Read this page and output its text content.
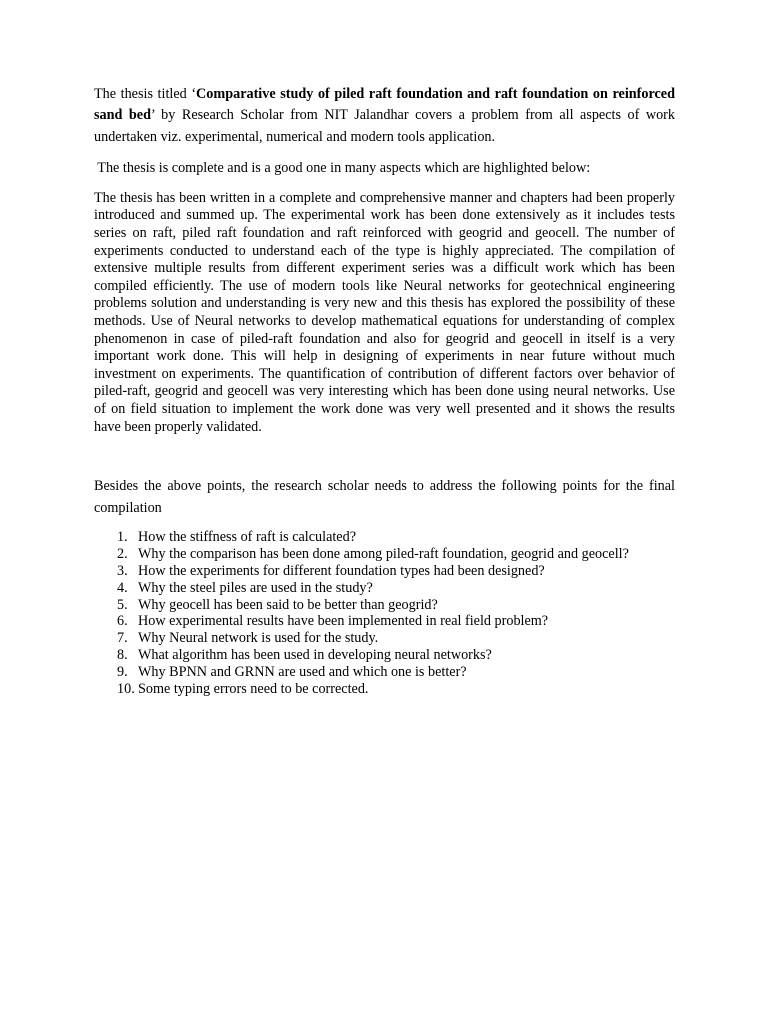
The thesis titled ‘Comparative study of piled raft foundation and raft foundation on reinforced sand bed’ by Research Scholar from NIT Jalandhar covers a problem from all aspects of work undertaken viz. experimental, numerical and modern tools application.

The thesis is complete and is a good one in many aspects which are highlighted below:

The thesis has been written in a complete and comprehensive manner and chapters had been properly introduced and summed up. The experimental work has been done extensively as it includes tests series on raft, piled raft foundation and raft reinforced with geogrid and geocell. The number of experiments conducted to understand each of the type is highly appreciated. The compilation of extensive multiple results from different experiment series was a difficult work which has been compiled efficiently. The use of modern tools like Neural networks for geotechnical engineering problems solution and understanding is very new and this thesis has explored the possibility of these methods. Use of Neural networks to develop mathematical equations for understanding of complex phenomenon in case of piled-raft foundation and also for geogrid and geocell in itself is a very important work done. This will help in designing of experiments in near future without much investment on experiments. The quantification of contribution of different factors over behavior of piled-raft, geogrid and geocell was very interesting which has been done using neural networks. Use of on field situation to implement the work done was very well presented and it shows the results have been properly validated.

Besides the above points, the research scholar needs to address the following points for the final compilation

1. How the stiffness of raft is calculated?
2. Why the comparison has been done among piled-raft foundation, geogrid and geocell?
3. How the experiments for different foundation types had been designed?
4. Why the steel piles are used in the study?
5. Why geocell has been said to be better than geogrid?
6. How experimental results have been implemented in real field problem?
7. Why Neural network is used for the study.
8. What algorithm has been used in developing neural networks?
9. Why BPNN and GRNN are used and which one is better?
10. Some typing errors need to be corrected.
